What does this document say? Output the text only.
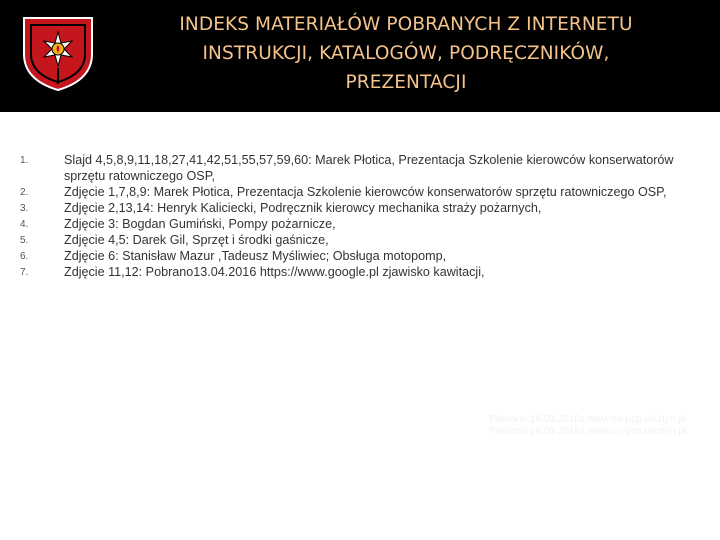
INDEKS MATERIAŁÓW POBRANYCH Z INTERNETU
INSTRUKCJI, KATALOGÓW, PODRĘCZNIKÓW,
PREZENTACJI
1.	Slajd 4,5,8,9,11,18,27,41,42,51,55,57,59,60: Marek Płotica, Prezentacja Szkolenie kierowców konserwatorów sprzętu ratowniczego OSP,
2.	Zdjęcie 1,7,8,9: Marek Płotica, Prezentacja Szkolenie kierowców konserwatorów sprzętu ratowniczego OSP,
3.	Zdjęcie 2,13,14: Henryk Kaliciecki, Podręcznik kierowcy mechanika straży pożarnych,
4.	Zdjęcie 3: Bogdan Gumiński, Pompy pożarnicze,
5.	Zdjęcie 4,5: Darek Gil, Sprzęt i środki gaśnicze,
6.	Zdjęcie 6: Stanisław Mazur ,Tadeusz Myśliwiec; Obsługa motopomp,
7.	Zdjęcie 11,12: Pobrano13.04.2016 https://www.google.pl zjawisko kawitacji,
Pobrano 18.03.2016z www.os-psp.olsztyn.pl
Pobrano 18.03.2016z www.os-psp.olsztyn.pl
